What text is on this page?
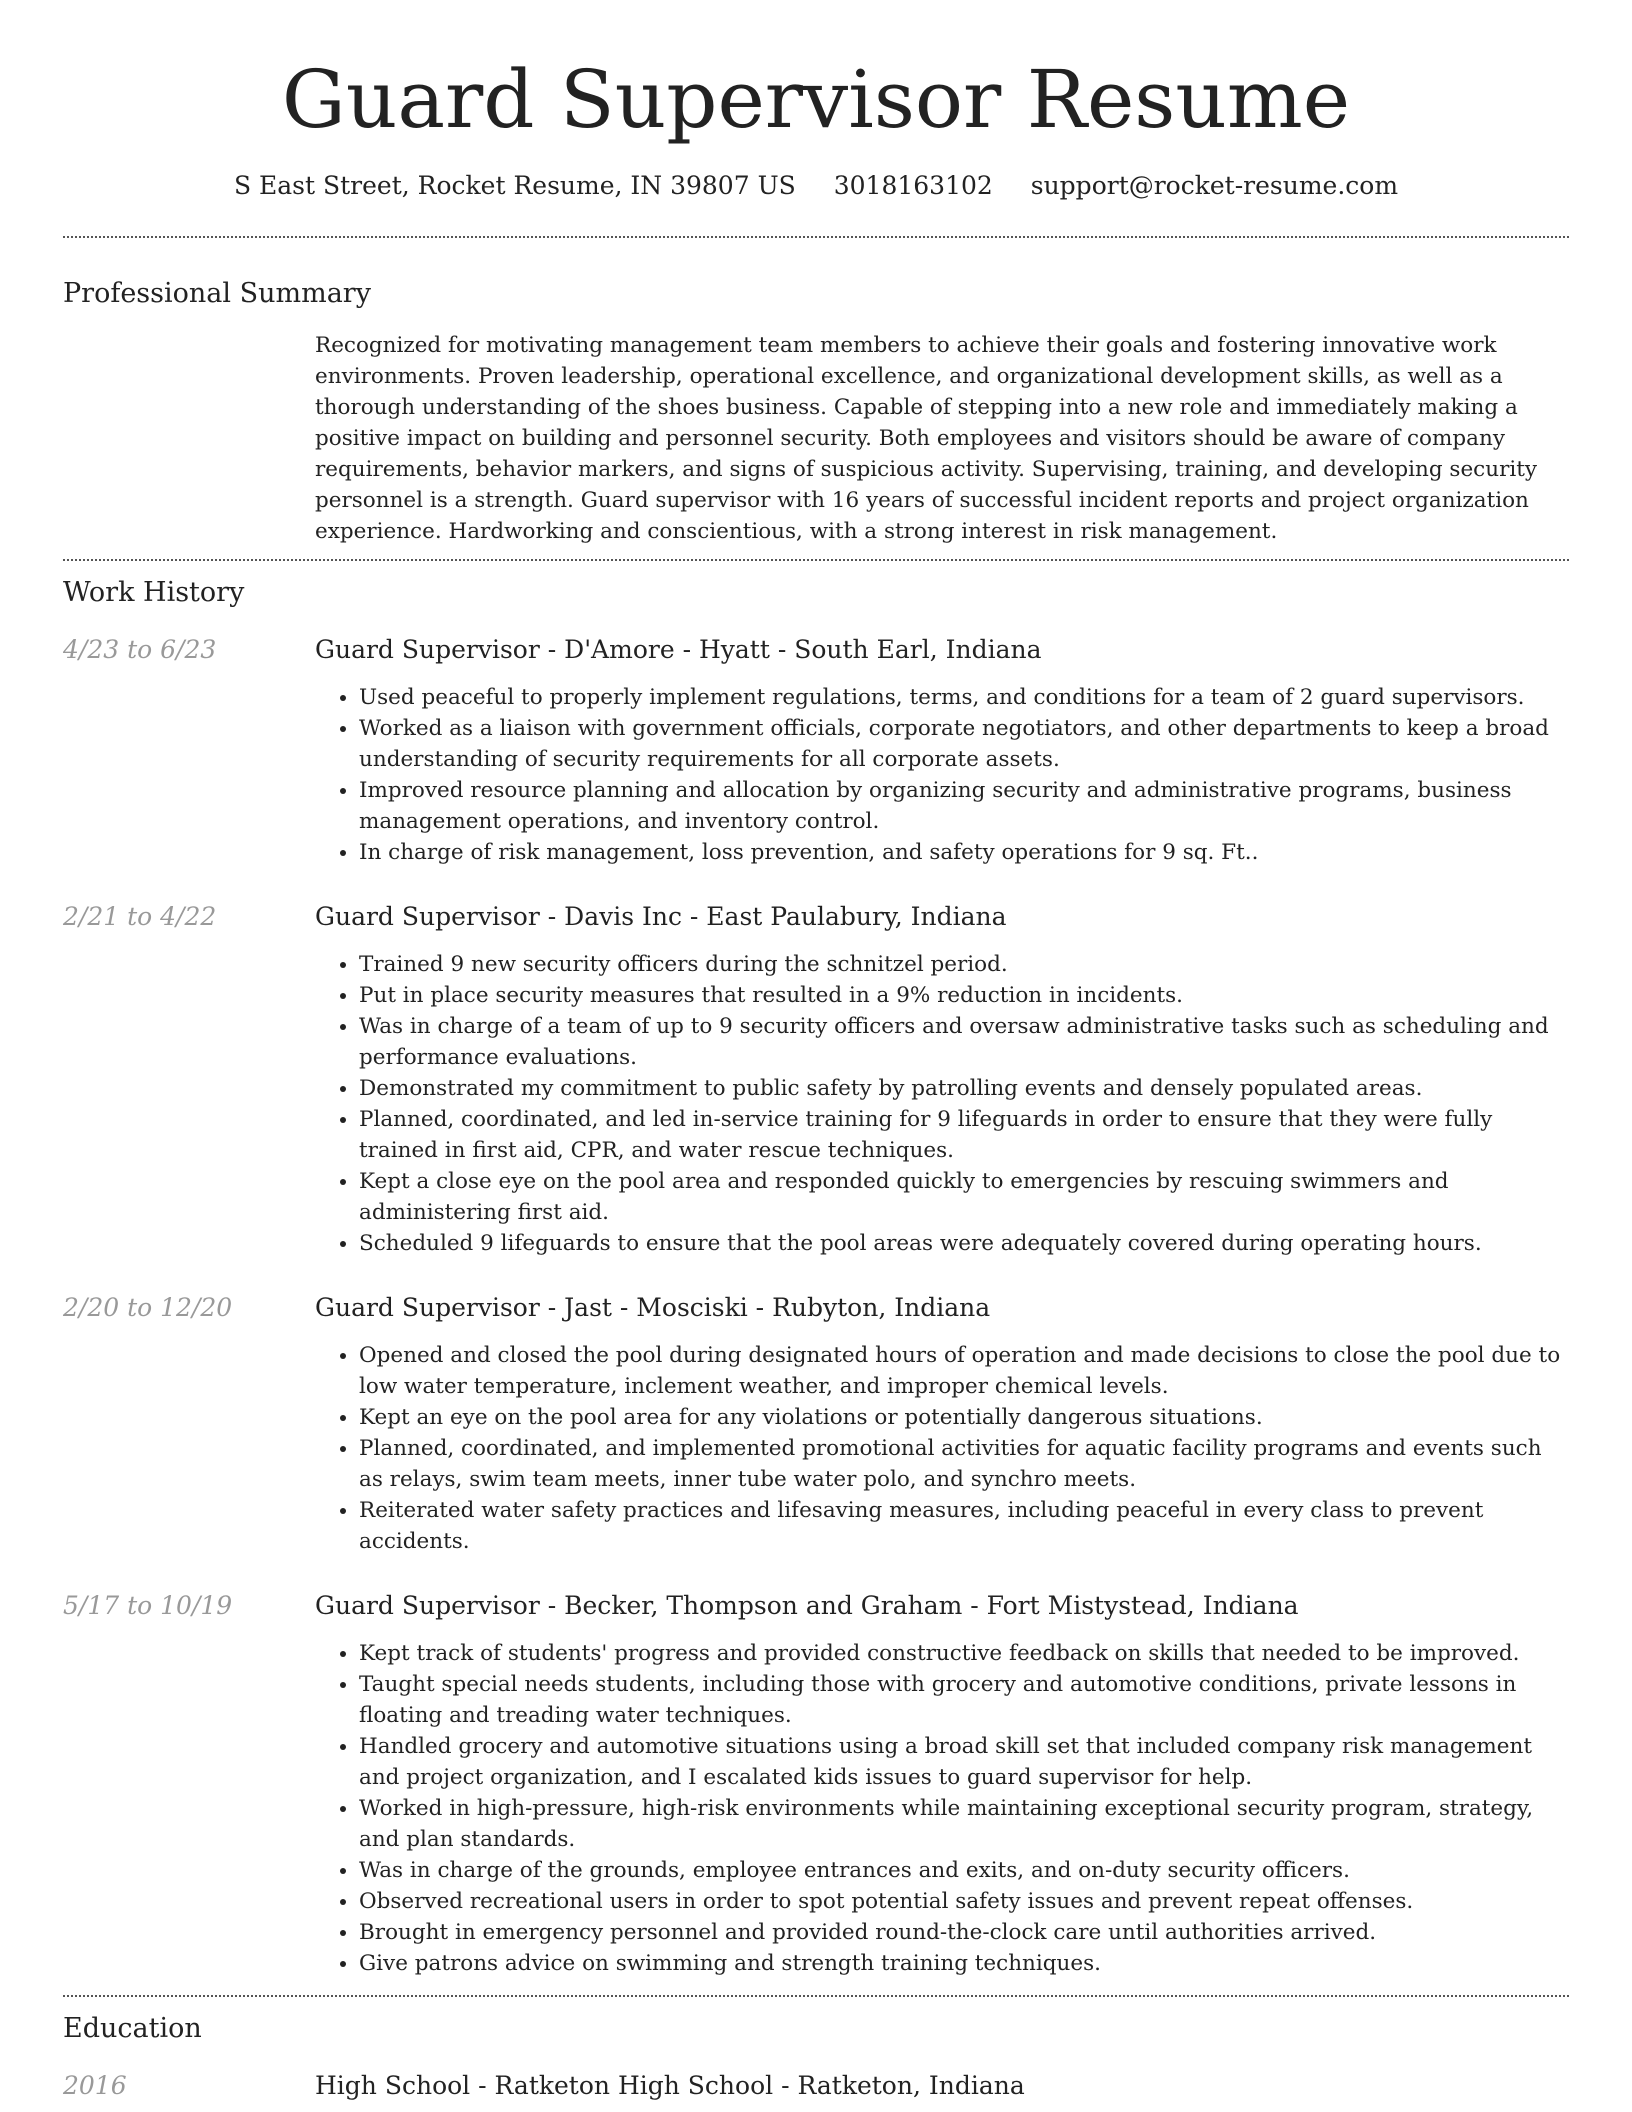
Guard Supervisor Resume
S East Street, Rocket Resume, IN 39807 US 3018163102 support@rocket-resume.com
Professional Summary

Recognized for motivating management team members to achieve their goals and fostering innovative work environments. Proven leadership, operational excellence, and organizational development skills, as well as a thorough understanding of the shoes business. Capable of stepping into a new role and immediately making a positive impact on building and personnel security. Both employees and visitors should be aware of company requirements, behavior markers, and signs of suspicious activity. Supervising, training, and developing security personnel is a strength. Guard supervisor with 16 years of successful incident reports and project organization experience. Hardworking and conscientious, with a strong interest in risk management.

Work History
4/23 to 6/23	Guard Supervisor - D'Amore - Hyatt - South Earl, Indiana
• Used peaceful to properly implement regulations, terms, and conditions for a team of 2 guard supervisors.
• Worked as a liaison with government officials, corporate negotiators, and other departments to keep a broad understanding of security requirements for all corporate assets.
• Improved resource planning and allocation by organizing security and administrative programs, business management operations, and inventory control.
• In charge of risk management, loss prevention, and safety operations for 9 sq. Ft..
2/21 to 4/22	Guard Supervisor - Davis Inc - East Paulabury, Indiana
• Trained 9 new security officers during the schnitzel period.
• Put in place security measures that resulted in a 9% reduction in incidents.
• Was in charge of a team of up to 9 security officers and oversaw administrative tasks such as scheduling and performance evaluations.
• Demonstrated my commitment to public safety by patrolling events and densely populated areas.
• Planned, coordinated, and led in-service training for 9 lifeguards in order to ensure that they were fully trained in first aid, CPR, and water rescue techniques.
• Kept a close eye on the pool area and responded quickly to emergencies by rescuing swimmers and administering first aid.
• Scheduled 9 lifeguards to ensure that the pool areas were adequately covered during operating hours.
2/20 to 12/20	Guard Supervisor - Jast - Mosciski - Rubyton, Indiana
• Opened and closed the pool during designated hours of operation and made decisions to close the pool due to low water temperature, inclement weather, and improper chemical levels.
• Kept an eye on the pool area for any violations or potentially dangerous situations.
• Planned, coordinated, and implemented promotional activities for aquatic facility programs and events such as relays, swim team meets, inner tube water polo, and synchro meets.
• Reiterated water safety practices and lifesaving measures, including peaceful in every class to prevent accidents.
5/17 to 10/19	Guard Supervisor - Becker, Thompson and Graham - Fort Mistystead, Indiana
• Kept track of students' progress and provided constructive feedback on skills that needed to be improved.
• Taught special needs students, including those with grocery and automotive conditions, private lessons in floating and treading water techniques.
• Handled grocery and automotive situations using a broad skill set that included company risk management and project organization, and I escalated kids issues to guard supervisor for help.
• Worked in high-pressure, high-risk environments while maintaining exceptional security program, strategy, and plan standards.
• Was in charge of the grounds, employee entrances and exits, and on-duty security officers.
• Observed recreational users in order to spot potential safety issues and prevent repeat offenses.
• Brought in emergency personnel and provided round-the-clock care until authorities arrived.
• Give patrons advice on swimming and strength training techniques.
Education
2016	High School - Ratketon High School - Ratketon, Indiana
